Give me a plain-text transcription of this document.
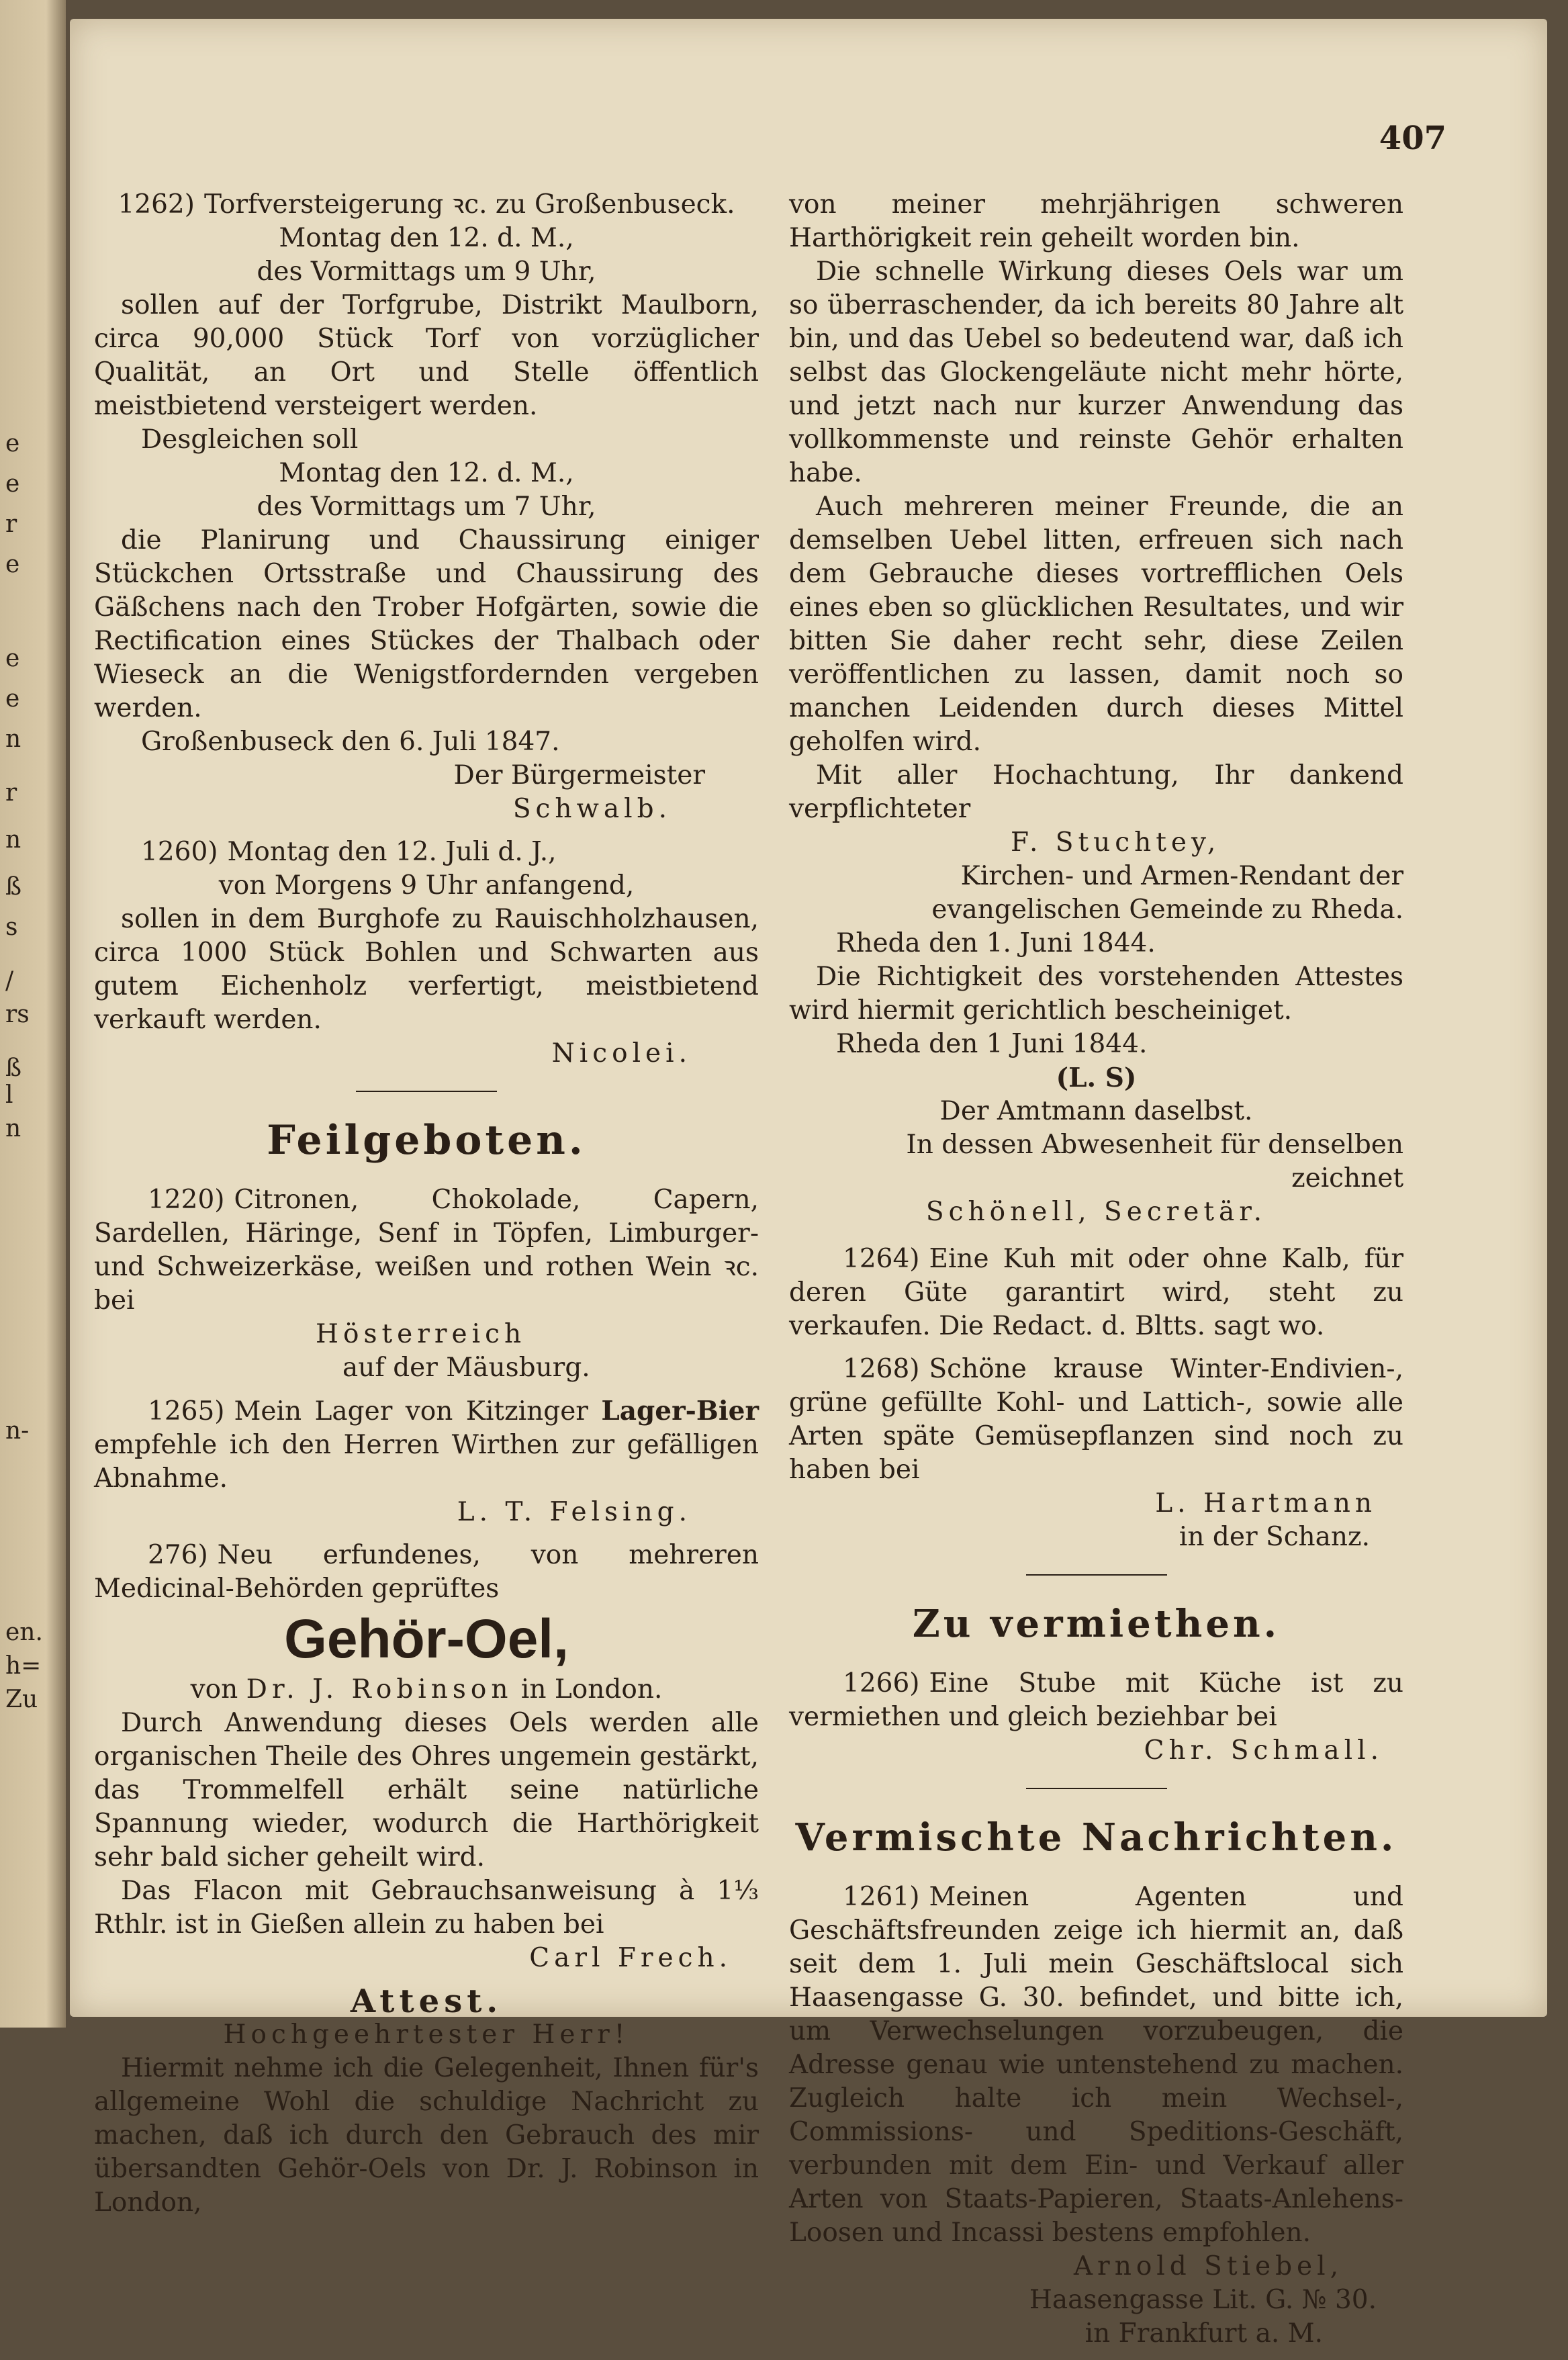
e
e
r
e
e
e
n
r
n
ß
s
/
rs
ß
l
n
n-
en.
h=
Zu
407
1262) Torfversteigerung ꝛc. zu Großenbuseck.
Montag den 12. d. M.,
des Vormittags um 9 Uhr,
sollen auf der Torfgrube, Distrikt Maulborn, circa 90,000 Stück Torf von vorzüglicher Qualität, an Ort und Stelle öffentlich meistbietend versteigert werden.
Desgleichen soll
Montag den 12. d. M.,
des Vormittags um 7 Uhr,
die Planirung und Chaussirung einiger Stückchen Ortsstraße und Chaussirung des Gäßchens nach den Trober Hofgärten, sowie die Rectification eines Stückes der Thalbach oder Wieseck an die Wenigstfordernden vergeben werden.
Großenbuseck den 6. Juli 1847.
Der Bürgermeister
Schwalb.
1260) Montag den 12. Juli d. J.,
von Morgens 9 Uhr anfangend,
sollen in dem Burghofe zu Rauischholzhausen, circa 1000 Stück Bohlen und Schwarten aus gutem Eichenholz verfertigt, meistbietend verkauft werden.
Nicolei.
Feilgeboten.
1220) Citronen, Chokolade, Capern, Sardellen, Häringe, Senf in Töpfen, Limburger- und Schweizerkäse, weißen und rothen Wein ꝛc. bei
Hösterreich
auf der Mäusburg.
1265) Mein Lager von Kitzinger Lager-Bier empfehle ich den Herren Wirthen zur gefälligen Abnahme.
L. T. Felsing.
276) Neu erfundenes, von mehreren Medicinal-Behörden geprüftes
Gehör-Oel,
von Dr. J. Robinson in London.
Durch Anwendung dieses Oels werden alle organischen Theile des Ohres ungemein gestärkt, das Trommelfell erhält seine natürliche Spannung wieder, wodurch die Harthörigkeit sehr bald sicher geheilt wird.
Das Flacon mit Gebrauchsanweisung à 1⅓ Rthlr. ist in Gießen allein zu haben bei
Carl Frech.
Attest.
Hochgeehrtester Herr!
Hiermit nehme ich die Gelegenheit, Ihnen für's allgemeine Wohl die schuldige Nachricht zu machen, daß ich durch den Gebrauch des mir übersandten Gehör-Oels von Dr. J. Robinson in London,
von meiner mehrjährigen schweren Harthörigkeit rein geheilt worden bin.
Die schnelle Wirkung dieses Oels war um so überraschender, da ich bereits 80 Jahre alt bin, und das Uebel so bedeutend war, daß ich selbst das Glockengeläute nicht mehr hörte, und jetzt nach nur kurzer Anwendung das vollkommenste und reinste Gehör erhalten habe.
Auch mehreren meiner Freunde, die an demselben Uebel litten, erfreuen sich nach dem Gebrauche dieses vortrefflichen Oels eines eben so glücklichen Resultates, und wir bitten Sie daher recht sehr, diese Zeilen veröffentlichen zu lassen, damit noch so manchen Leidenden durch dieses Mittel geholfen wird.
Mit aller Hochachtung, Ihr dankend verpflichteter
F. Stuchtey,
Kirchen- und Armen-Rendant der
evangelischen Gemeinde zu Rheda.
Rheda den 1. Juni 1844.
Die Richtigkeit des vorstehenden Attestes wird hiermit gerichtlich bescheiniget.
Rheda den 1 Juni 1844.
(L. S)
Der Amtmann daselbst.
In dessen Abwesenheit für denselben zeichnet
Schönell, Secretär.
1264) Eine Kuh mit oder ohne Kalb, für deren Güte garantirt wird, steht zu verkaufen. Die Redact. d. Bltts. sagt wo.
1268) Schöne krause Winter-Endivien-, grüne gefüllte Kohl- und Lattich-, sowie alle Arten späte Gemüsepflanzen sind noch zu haben bei
L. Hartmann
in der Schanz.
Zu vermiethen.
1266) Eine Stube mit Küche ist zu vermiethen und gleich beziehbar bei
Chr. Schmall.
Vermischte Nachrichten.
1261) Meinen Agenten und Geschäftsfreunden zeige ich hiermit an, daß seit dem 1. Juli mein Geschäftslocal sich Haasengasse G. 30. befindet, und bitte ich, um Verwechselungen vorzubeugen, die Adresse genau wie untenstehend zu machen. Zugleich halte ich mein Wechsel-, Commissions- und Speditions-Geschäft, verbunden mit dem Ein- und Verkauf aller Arten von Staats-Papieren, Staats-Anlehens-Loosen und Incassi bestens empfohlen.
Arnold Stiebel,
Haasengasse Lit. G. № 30.
in Frankfurt a. M.
